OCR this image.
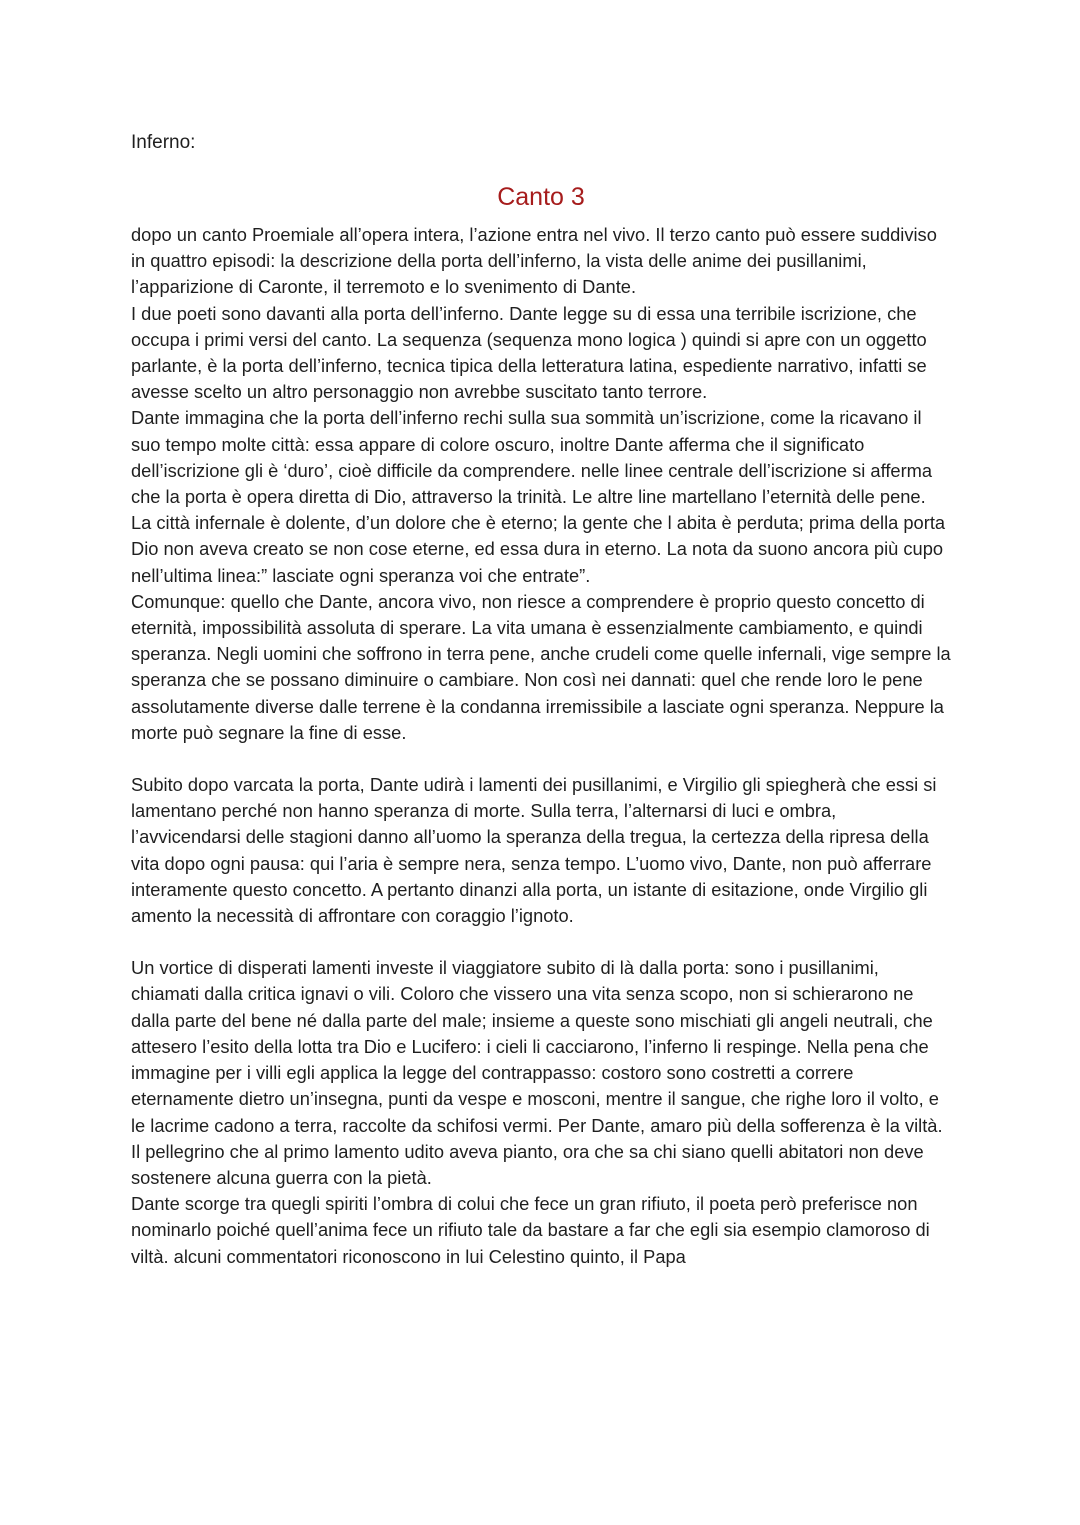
Inferno:

Canto 3

dopo un canto Proemiale all’opera intera, l’azione entra nel vivo. Il terzo canto può essere suddiviso in quattro episodi: la descrizione della porta dell’inferno, la vista delle anime dei pusillanimi, l’apparizione di Caronte, il terremoto e lo svenimento di Dante.

I due poeti sono davanti alla porta dell’inferno. Dante legge su di essa una terribile iscrizione, che occupa i primi versi del canto. La sequenza (sequenza mono logica ) quindi si apre con un oggetto parlante, è la porta dell’inferno, tecnica tipica della letteratura latina, espediente narrativo, infatti se avesse scelto un altro personaggio non avrebbe suscitato tanto terrore.

Dante immagina che la porta dell’inferno rechi sulla sua sommità un’iscrizione, come la ricavano il suo tempo molte città: essa appare di colore oscuro, inoltre Dante afferma che il significato dell’iscrizione gli è ‘duro’, cioè difficile da comprendere. nelle linee centrale dell’iscrizione si afferma che la porta è opera diretta di Dio, attraverso la trinità. Le altre line martellano l’eternità delle pene. La città infernale è dolente, d’un dolore che è eterno; la gente che l abita è perduta; prima della porta Dio non aveva creato se non cose eterne, ed essa dura in eterno. La nota da suono ancora più cupo nell’ultima linea:” lasciate ogni speranza voi che entrate”.

Comunque: quello che Dante, ancora vivo, non riesce a comprendere è proprio questo concetto di eternità, impossibilità assoluta di sperare. La vita umana è essenzialmente cambiamento, e quindi speranza. Negli uomini che soffrono in terra pene, anche crudeli come quelle infernali, vige sempre la speranza che se possano diminuire o cambiare. Non così nei dannati: quel che rende loro le pene assolutamente diverse dalle terrene è la condanna irremissibile a lasciate ogni speranza. Neppure la morte può segnare la fine di esse.

Subito dopo varcata la porta, Dante udirà i lamenti dei pusillanimi, e Virgilio gli spiegherà che essi si lamentano perché non hanno speranza di morte. Sulla terra, l’alternarsi di luci e ombra, l’avvicendarsi delle stagioni danno all’uomo la speranza della tregua, la certezza della ripresa della vita dopo ogni pausa: qui l’aria è sempre nera, senza tempo. L’uomo vivo, Dante, non può afferrare interamente questo concetto. A pertanto dinanzi alla porta, un istante di esitazione, onde Virgilio gli amento la necessità di affrontare con coraggio l’ignoto.

Un vortice di disperati lamenti investe il viaggiatore subito di là dalla porta: sono i pusillanimi, chiamati dalla critica ignavi o vili. Coloro che vissero una vita senza scopo, non si schierarono ne dalla parte del bene né dalla parte del male; insieme a queste sono mischiati gli angeli neutrali, che attesero l’esito della lotta tra Dio e Lucifero: i cieli li cacciarono, l’inferno li respinge. Nella pena che immagine per i villi egli applica la legge del contrappasso: costoro sono costretti a correre eternamente dietro un’insegna, punti da vespe e mosconi, mentre il sangue, che righe loro il volto, e le lacrime cadono a terra, raccolte da schifosi vermi. Per Dante, amaro più della sofferenza è la viltà. Il pellegrino che al primo lamento udito aveva pianto, ora che sa chi siano quelli abitatori non deve sostenere alcuna guerra con la pietà.

Dante scorge tra quegli spiriti l’ombra di colui che fece un gran rifiuto, il poeta però preferisce non nominarlo poiché quell’anima fece un rifiuto tale da bastare a far che egli sia esempio clamoroso di viltà. alcuni commentatori riconoscono in lui Celestino quinto, il Papa
